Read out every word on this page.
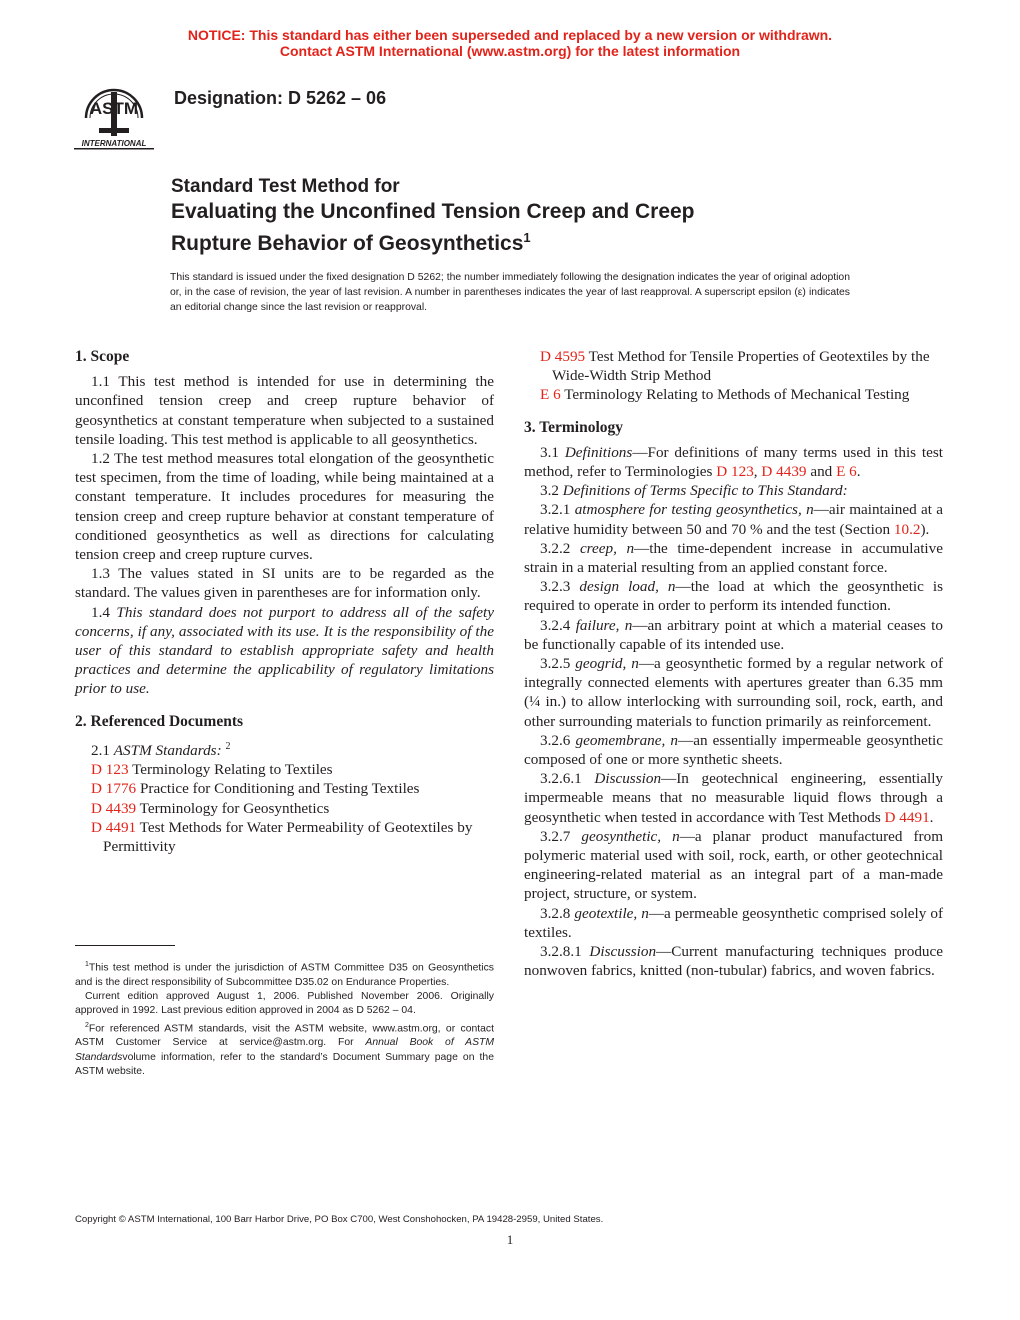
NOTICE: This standard has either been superseded and replaced by a new version or withdrawn.
Contact ASTM International (www.astm.org) for the latest information
ASTM
INTERNATIONAL
Designation: D 5262 – 06
Standard Test Method for
Evaluating the Unconfined Tension Creep and Creep
Rupture Behavior of Geosynthetics$^1$
This standard is issued under the fixed designation D 5262; the number immediately following the designation indicates the year of original adoption or, in the case of revision, the year of last revision. A number in parentheses indicates the year of last reapproval. A superscript epsilon (ε) indicates an editorial change since the last revision or reapproval.

1. Scope

1.1 This test method is intended for use in determining the unconfined tension creep and creep rupture behavior of geosynthetics at constant temperature when subjected to a sustained tensile loading. This test method is applicable to all geosynthetics.

1.2 The test method measures total elongation of the geosynthetic test specimen, from the time of loading, while being maintained at a constant temperature. It includes procedures for measuring the tension creep and creep rupture behavior at constant temperature of conditioned geosynthetics as well as directions for calculating tension creep and creep rupture curves.

1.3 The values stated in SI units are to be regarded as the standard. The values given in parentheses are for information only.

1.4 This standard does not purport to address all of the safety concerns, if any, associated with its use. It is the responsibility of the user of this standard to establish appropriate safety and health practices and determine the applicability of regulatory limitations prior to use.

2. Referenced Documents

2.1 ASTM Standards: $^2$

D 123 Terminology Relating to Textiles

D 1776 Practice for Conditioning and Testing Textiles

D 4439 Terminology for Geosynthetics

D 4491 Test Methods for Water Permeability of Geotextiles by Permittivity

$^1$This test method is under the jurisdiction of ASTM Committee D35 on Geosynthetics and is the direct responsibility of Subcommittee D35.02 on Endurance Properties.

Current edition approved August 1, 2006. Published November 2006. Originally approved in 1992. Last previous edition approved in 2004 as D 5262 – 04.

$^2$For referenced ASTM standards, visit the ASTM website, www.astm.org, or contact ASTM Customer Service at service@astm.org. For Annual Book of ASTM Standardsvolume information, refer to the standard’s Document Summary page on the ASTM website.

D 4595 Test Method for Tensile Properties of Geotextiles by the Wide-Width Strip Method

E 6 Terminology Relating to Methods of Mechanical Testing

3. Terminology

3.1 Definitions—For definitions of many terms used in this test method, refer to Terminologies D 123, D 4439 and E 6.

3.2 Definitions of Terms Specific to This Standard:

3.2.1 atmosphere for testing geosynthetics, n—air maintained at a relative humidity between 50 and 70 % and the test (Section 10.2).

3.2.2 creep, n—the time-dependent increase in accumulative strain in a material resulting from an applied constant force.

3.2.3 design load, n—the load at which the geosynthetic is required to operate in order to perform its intended function.

3.2.4 failure, n—an arbitrary point at which a material ceases to be functionally capable of its intended use.

3.2.5 geogrid, n—a geosynthetic formed by a regular network of integrally connected elements with apertures greater than 6.35 mm (¼ in.) to allow interlocking with surrounding soil, rock, earth, and other surrounding materials to function primarily as reinforcement.

3.2.6 geomembrane, n—an essentially impermeable geosynthetic composed of one or more synthetic sheets.

3.2.6.1 Discussion—In geotechnical engineering, essentially impermeable means that no measurable liquid flows through a geosynthetic when tested in accordance with Test Methods D 4491.

3.2.7 geosynthetic, n—a planar product manufactured from polymeric material used with soil, rock, earth, or other geotechnical engineering-related material as an integral part of a man-made project, structure, or system.

3.2.8 geotextile, n—a permeable geosynthetic comprised solely of textiles.

3.2.8.1 Discussion—Current manufacturing techniques produce nonwoven fabrics, knitted (non-tubular) fabrics, and woven fabrics.

Copyright © ASTM International, 100 Barr Harbor Drive, PO Box C700, West Conshohocken, PA 19428-2959, United States.
1
